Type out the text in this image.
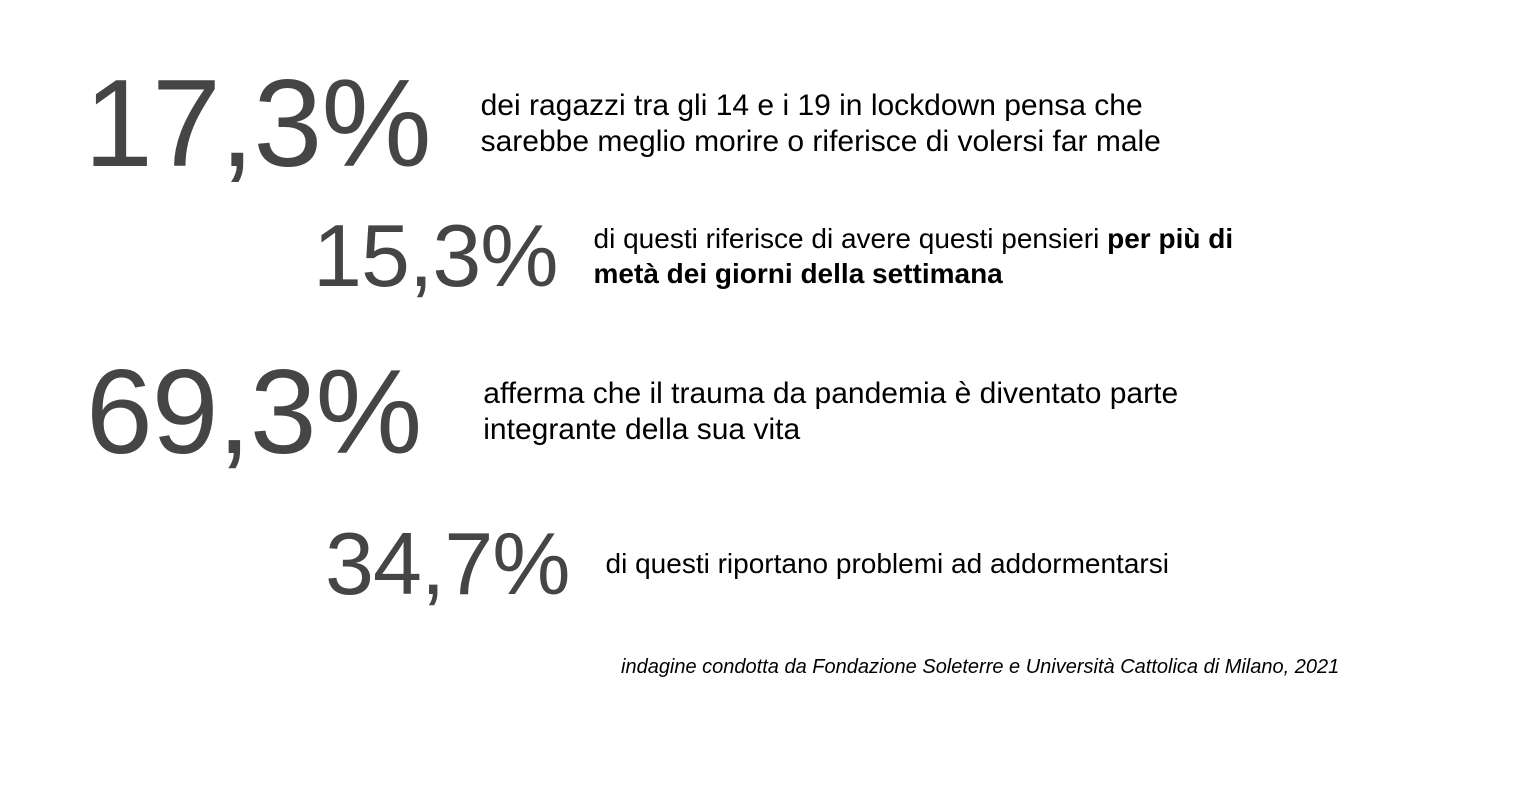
17,3% dei ragazzi tra gli 14 e i 19 in lockdown pensa che
sarebbe meglio morire o riferisce di volersi far male
15,3% di questi riferisce di avere questi pensieri per più di
metà dei giorni della settimana
69,3% afferma che il trauma da pandemia è diventato parte
integrante della sua vita
34,7% di questi riportano problemi ad addormentarsi
indagine condotta da Fondazione Soleterre e Università Cattolica di Milano, 2021
